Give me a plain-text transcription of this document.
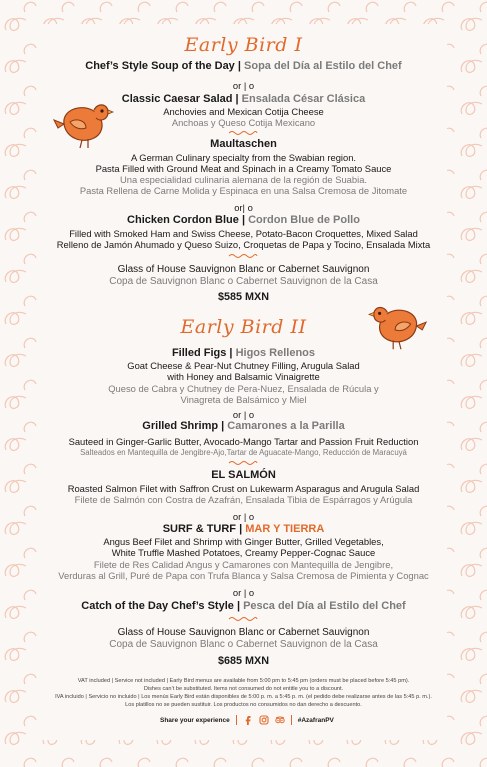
Early Bird I
Chef’s Style Soup of the Day | Sopa del Día al Estilo del Chef
or | o
Classic Caesar Salad | Ensalada César Clásica
Anchovies and Mexican Cotija Cheese
Anchoas y Queso Cotija Mexicano
Maultaschen
A German Culinary specialty from the Swabian region.
Pasta Filled with Ground Meat and Spinach in a Creamy Tomato Sauce
Una especialidad culinaria alemana de la región de Suabia.
Pasta Rellena de Carne Molida y Espinaca en una Salsa Cremosa de Jitomate
or| o
Chicken Cordon Blue | Cordon Blue de Pollo
Filled with Smoked Ham and Swiss Cheese, Potato-Bacon Croquettes, Mixed Salad
Relleno de Jamón Ahumado y Queso Suizo, Croquetas de Papa y Tocino, Ensalada Mixta
Glass of House Sauvignon Blanc or Cabernet Sauvignon
Copa de Sauvignon Blanc o Cabernet Sauvignon de la Casa
$585 MXN
Early Bird II
Filled Figs | Higos Rellenos
Goat Cheese & Pear-Nut Chutney Filling, Arugula Salad
with Honey and Balsamic Vinaigrette
Queso de Cabra y Chutney de Pera-Nuez, Ensalada de Rúcula y
Vinagreta de Balsámico y Miel
or | o
Grilled Shrimp | Camarones a la Parilla
Sauteed in Ginger-Garlic Butter, Avocado-Mango Tartar and Passion Fruit Reduction
Salteados en Mantequilla de Jengibre-Ajo,Tartar de Aguacate-Mango, Reducción de Maracuyá
EL SALMÓN
Roasted Salmon Filet with Saffron Crust on Lukewarm Asparagus and Arugula Salad
Filete de Salmón con Costra de Azafrán, Ensalada Tibia de Espárragos y Arúgula
or | o
SURF & TURF | MAR Y TIERRA
Angus Beef Filet and Shrimp with Ginger Butter, Grilled Vegetables,
White Truffle Mashed Potatoes, Creamy Pepper-Cognac Sauce
Filete de Res Calidad Angus y Camarones con Mantequilla de Jengibre,
Verduras al Grill, Puré de Papa con Trufa Blanca y Salsa Cremosa de Pimienta y Cognac
or | o
Catch of the Day Chef’s Style | Pesca del Día al Estilo del Chef
Glass of House Sauvignon Blanc or Cabernet Sauvignon
Copa de Sauvignon Blanc o Cabernet Sauvignon de la Casa
$685 MXN
VAT included | Service not included | Early Bird menus are available from 5:00 pm to 5:45 pm (orders must be placed before 5:45 pm).
Dishes can’t be substituted. Items not consumed do not entitle you to a discount.
IVA incluido | Servicio no incluido | Los menús Early Bird están disponibles de 5:00 p. m. a 5:45 p. m. (el pedido debe realizarse antes de las 5:45 p. m.).
Los platillos no se pueden sustituir. Los productos no consumidos no dan derecho a descuento.
Share your experience	#AzafranPV
